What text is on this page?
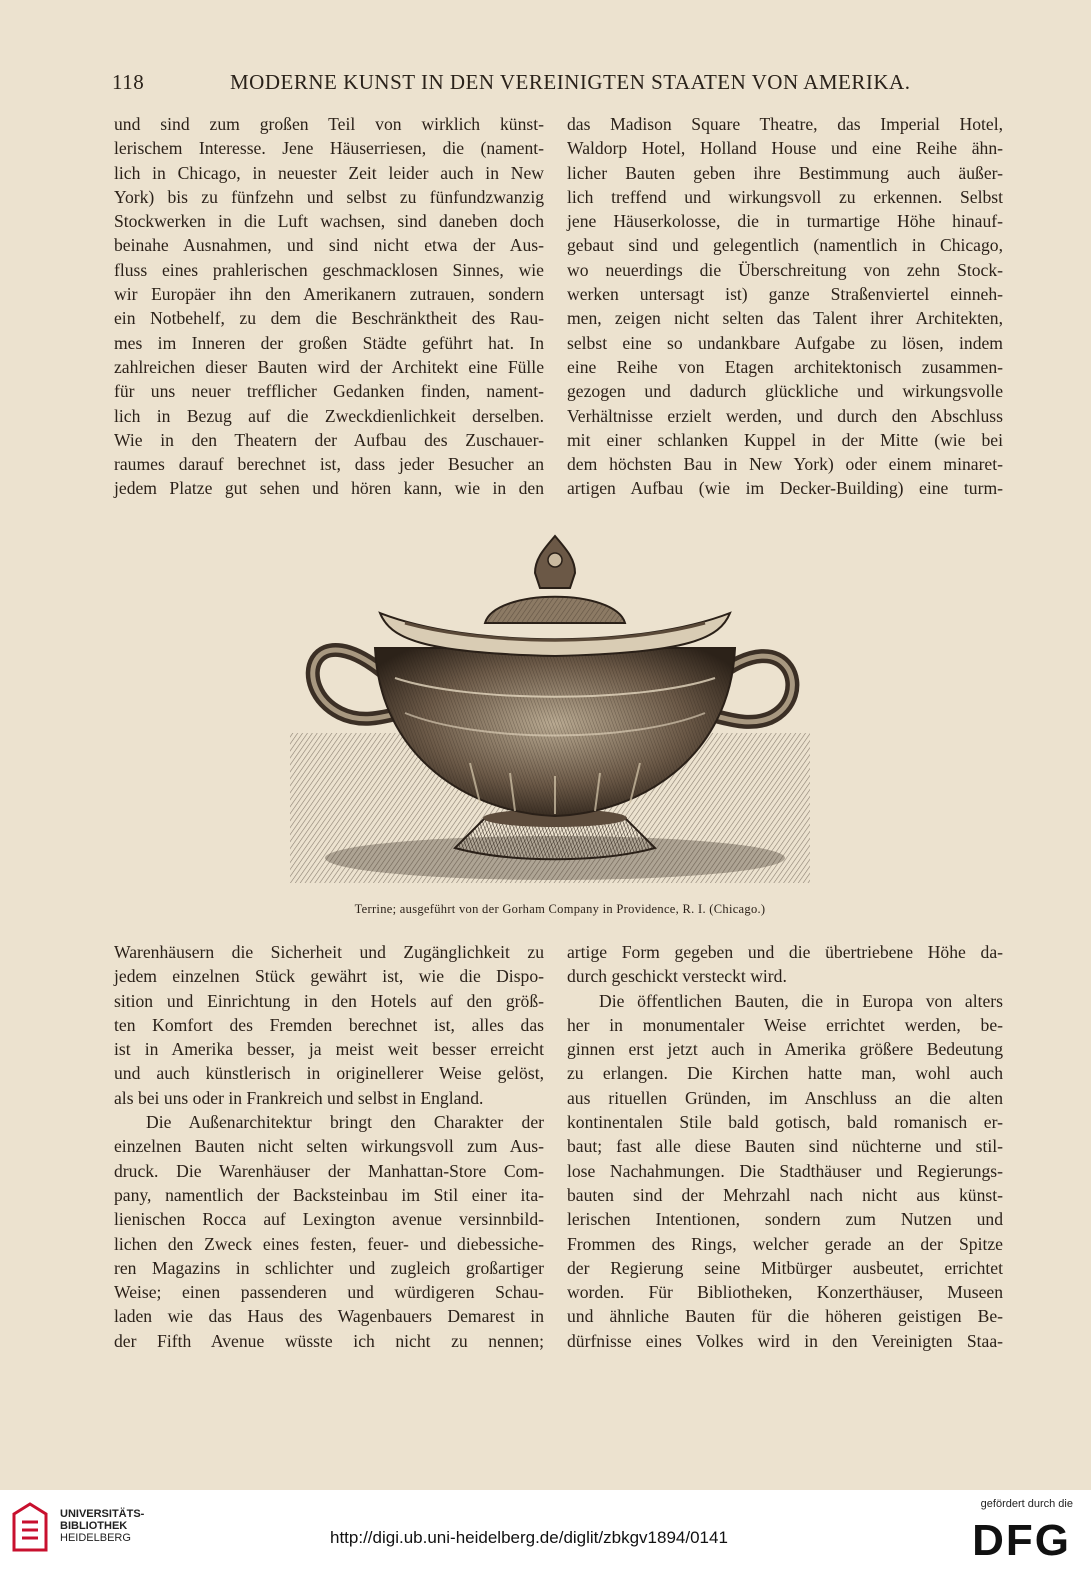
118	MODERNE KUNST IN DEN VEREINIGTEN STAATEN VON AMERIKA.

und sind zum großen Teil von wirklich künst-
lerischem Interesse. Jene Häuserriesen, die (nament-
lich in Chicago, in neuester Zeit leider auch in New
York) bis zu fünfzehn und selbst zu fünfundzwanzig
Stockwerken in die Luft wachsen, sind daneben doch
beinahe Ausnahmen, und sind nicht etwa der Aus-
fluss eines prahlerischen geschmacklosen Sinnes, wie
wir Europäer ihn den Amerikanern zutrauen, sondern
ein Notbehelf, zu dem die Beschränktheit des Rau-
mes im Inneren der großen Städte geführt hat. In
zahlreichen dieser Bauten wird der Architekt eine Fülle
für uns neuer trefflicher Gedanken finden, nament-
lich in Bezug auf die Zweckdienlichkeit derselben.
Wie in den Theatern der Aufbau des Zuschauer-
raumes darauf berechnet ist, dass jeder Besucher an
jedem Platze gut sehen und hören kann, wie in den

das Madison Square Theatre, das Imperial Hotel,
Waldorp Hotel, Holland House und eine Reihe ähn-
licher Bauten geben ihre Bestimmung auch äußer-
lich treffend und wirkungsvoll zu erkennen. Selbst
jene Häuserkolosse, die in turmartige Höhe hinauf-
gebaut sind und gelegentlich (namentlich in Chicago,
wo neuerdings die Überschreitung von zehn Stock-
werken untersagt ist) ganze Straßenviertel einneh-
men, zeigen nicht selten das Talent ihrer Architekten,
selbst eine so undankbare Aufgabe zu lösen, indem
eine Reihe von Etagen architektonisch zusammen-
gezogen und dadurch glückliche und wirkungsvolle
Verhältnisse erzielt werden, und durch den Abschluss
mit einer schlanken Kuppel in der Mitte (wie bei
dem höchsten Bau in New York) oder einem minaret-
artigen Aufbau (wie im Decker-Building) eine turm-

Terrine; ausgeführt von der Gorham Company in Providence, R. I. (Chicago.)

Warenhäusern die Sicherheit und Zugänglichkeit zu
jedem einzelnen Stück gewährt ist, wie die Dispo-
sition und Einrichtung in den Hotels auf den größ-
ten Komfort des Fremden berechnet ist, alles das
ist in Amerika besser, ja meist weit besser erreicht
und auch künstlerisch in originellerer Weise gelöst,
als bei uns oder in Frankreich und selbst in England.

Die Außenarchitektur bringt den Charakter der
einzelnen Bauten nicht selten wirkungsvoll zum Aus-
druck. Die Warenhäuser der Manhattan-Store Com-
pany, namentlich der Backsteinbau im Stil einer ita-
lienischen Rocca auf Lexington avenue versinnbild-
lichen den Zweck eines festen, feuer- und diebessiche-
ren Magazins in schlichter und zugleich großartiger
Weise; einen passenderen und würdigeren Schau-
laden wie das Haus des Wagenbauers Demarest in
der Fifth Avenue wüsste ich nicht zu nennen;

artige Form gegeben und die übertriebene Höhe da-
durch geschickt versteckt wird.

Die öffentlichen Bauten, die in Europa von alters
her in monumentaler Weise errichtet werden, be-
ginnen erst jetzt auch in Amerika größere Bedeutung
zu erlangen. Die Kirchen hatte man, wohl auch
aus rituellen Gründen, im Anschluss an die alten
kontinentalen Stile bald gotisch, bald romanisch er-
baut; fast alle diese Bauten sind nüchterne und stil-
lose Nachahmungen. Die Stadthäuser und Regierungs-
bauten sind der Mehrzahl nach nicht aus künst-
lerischen Intentionen, sondern zum Nutzen und
Frommen des Rings, welcher gerade an der Spitze
der Regierung seine Mitbürger ausbeutet, errichtet
worden. Für Bibliotheken, Konzerthäuser, Museen
und ähnliche Bauten für die höheren geistigen Be-
dürfnisse eines Volkes wird in den Vereinigten Staa-

UNIVERSITÄTS-
BIBLIOTHEK
HEIDELBERG	http://digi.ub.uni-heidelberg.de/diglit/zbkgv1894/0141
gefördert durch die
DFG
